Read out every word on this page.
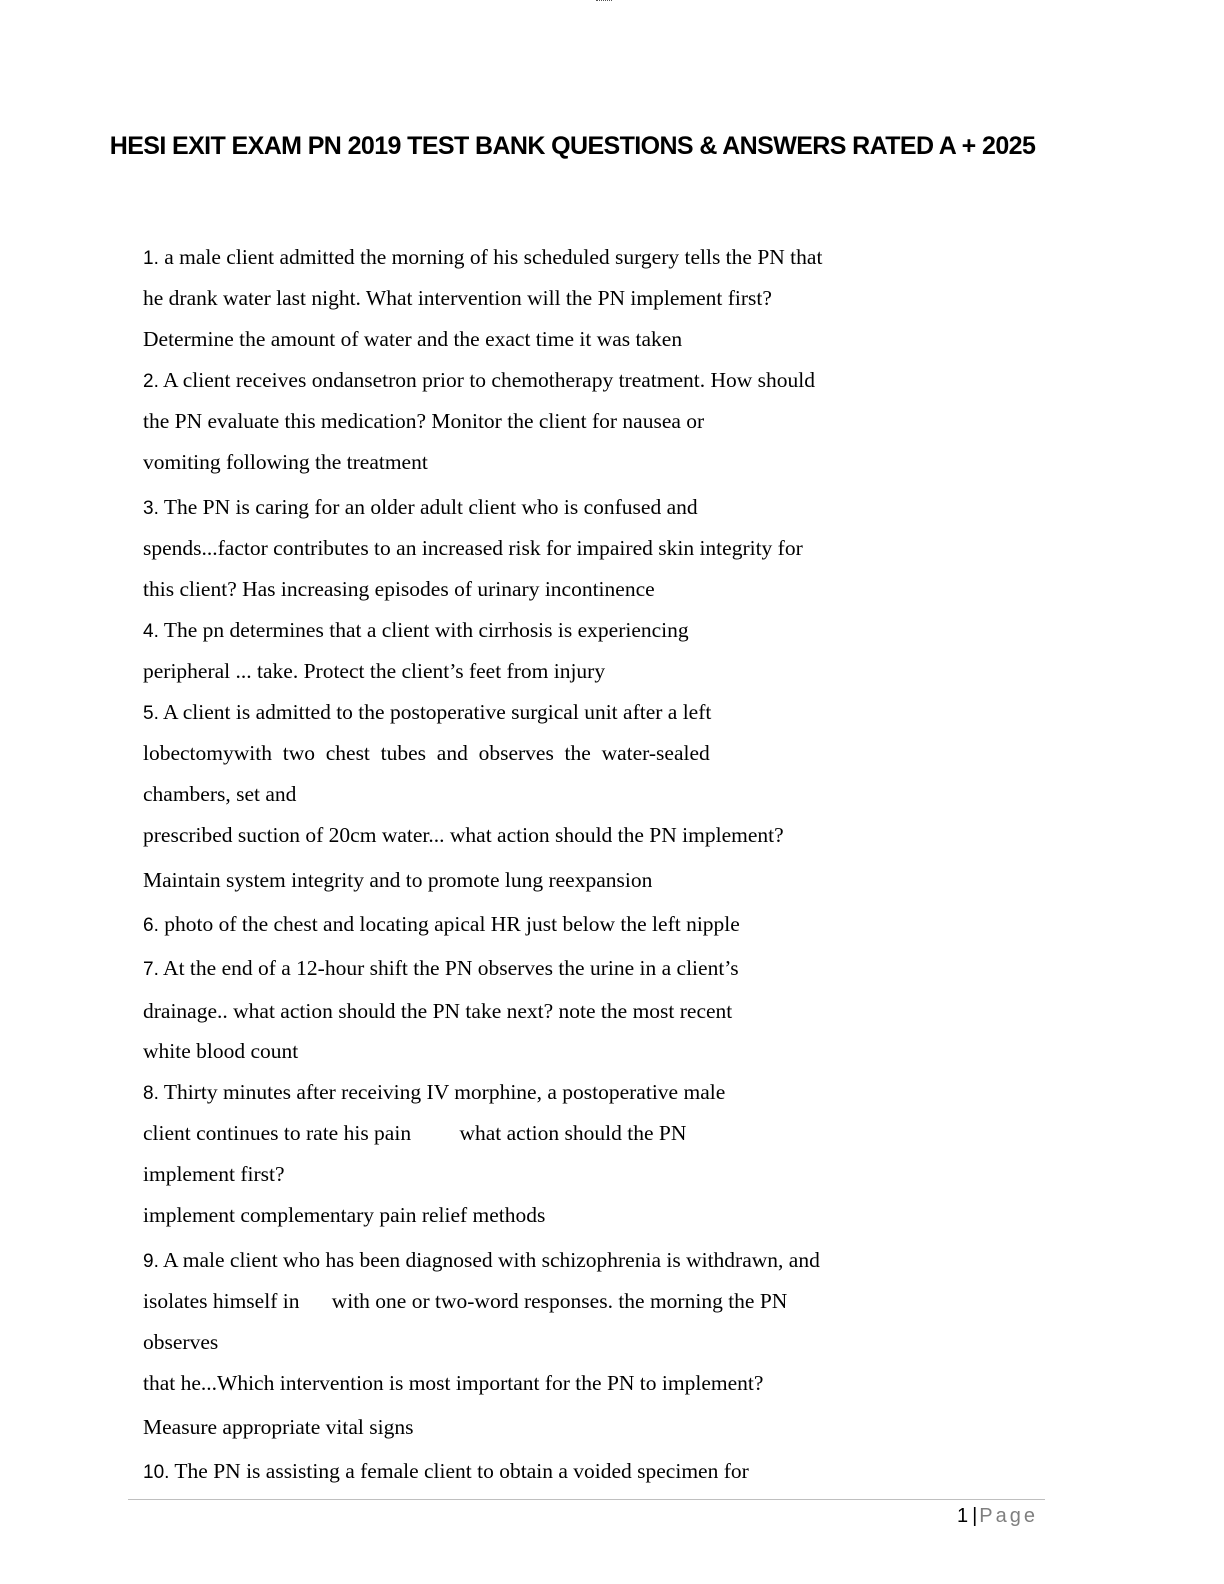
HESI EXIT EXAM PN 2019 TEST BANK QUESTIONS & ANSWERS RATED A + 2025
1. a male client admitted the morning of his scheduled surgery tells the PN that
he drank water last night. What intervention will the PN implement first?
Determine the amount of water and the exact time it was taken
2. A client receives ondansetron prior to chemotherapy treatment. How should
the PN evaluate this medication? Monitor the client for nausea or
vomiting following the treatment
3. The PN is caring for an older adult client who is confused and
spends...factor contributes to an increased risk for impaired skin integrity for
this client? Has increasing episodes of urinary incontinence
4. The pn determines that a client with cirrhosis is experiencing
peripheral ... take. Protect the client’s feet from injury
5. A client is admitted to the postoperative surgical unit after a left
lobectomywith  two  chest  tubes  and  observes  the  water-sealed
chambers, set and
prescribed suction of 20cm water... what action should the PN implement?
Maintain system integrity and to promote lung reexpansion
6. photo of the chest and locating apical HR just below the left nipple
7. At the end of a 12-hour shift the PN observes the urine in a client’s
drainage.. what action should the PN take next? note the most recent
white blood count
8. Thirty minutes after receiving IV morphine, a postoperative male
client continues to rate his pain         what action should the PN
implement first?
implement complementary pain relief methods
9. A male client who has been diagnosed with schizophrenia is withdrawn, and
isolates himself in      with one or two-word responses. the morning the PN
observes
that he...Which intervention is most important for the PN to implement?
Measure appropriate vital signs
10. The PN is assisting a female client to obtain a voided specimen for
1 | Page
